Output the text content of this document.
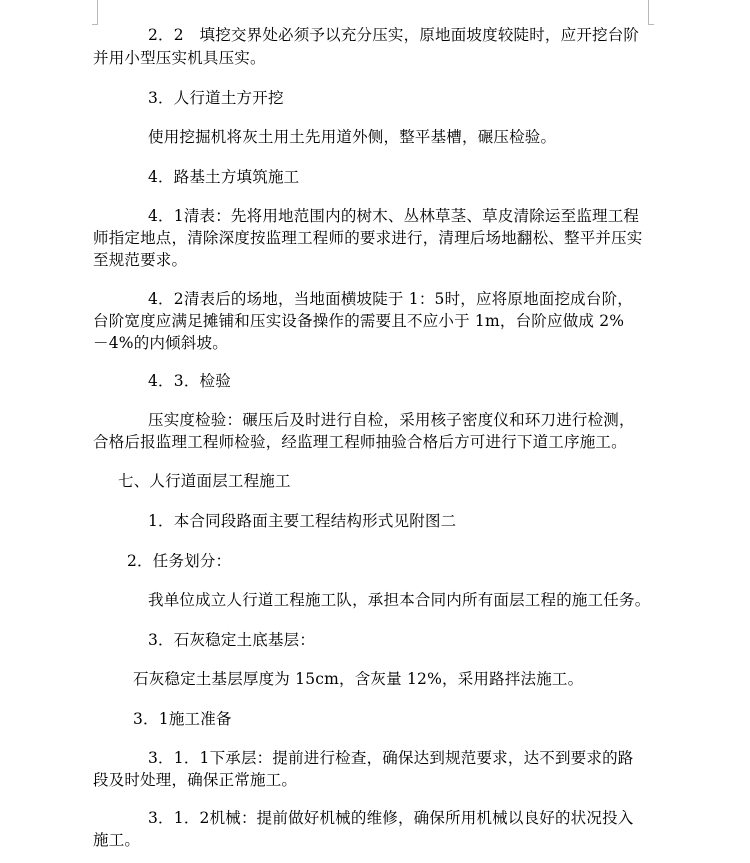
2．2　填挖交界处必须予以充分压实，原地面坡度较陡时，应开挖台阶
并用小型压实机具压实。
3．人行道土方开挖
使用挖掘机将灰土用土先用道外侧，整平基槽，碾压检验。
4．路基土方填筑施工
4．1清表：先将用地范围内的树木、丛林草茎、草皮清除运至监理工程
师指定地点，清除深度按监理工程师的要求进行，清理后场地翻松、整平并压实
至规范要求。
4．2清表后的场地，当地面横坡陡于 1：5时，应将原地面挖成台阶，
台阶宽度应满足摊铺和压实设备操作的需要且不应小于 1m，台阶应做成 2%
－4%的内倾斜坡。
4．3．检验
压实度检验：碾压后及时进行自检，采用核子密度仪和环刀进行检测，
合格后报监理工程师检验，经监理工程师抽验合格后方可进行下道工序施工。
七、人行道面层工程施工
1．本合同段路面主要工程结构形式见附图二
2．任务划分：
我单位成立人行道工程施工队，承担本合同内所有面层工程的施工任务。
3．石灰稳定土底基层：
石灰稳定土基层厚度为 15cm，含灰量 12%，采用路拌法施工。
3．1施工准备
3．1．1下承层：提前进行检查，确保达到规范要求，达不到要求的路
段及时处理，确保正常施工。
3．1．2机械：提前做好机械的维修，确保所用机械以良好的状况投入
施工。
